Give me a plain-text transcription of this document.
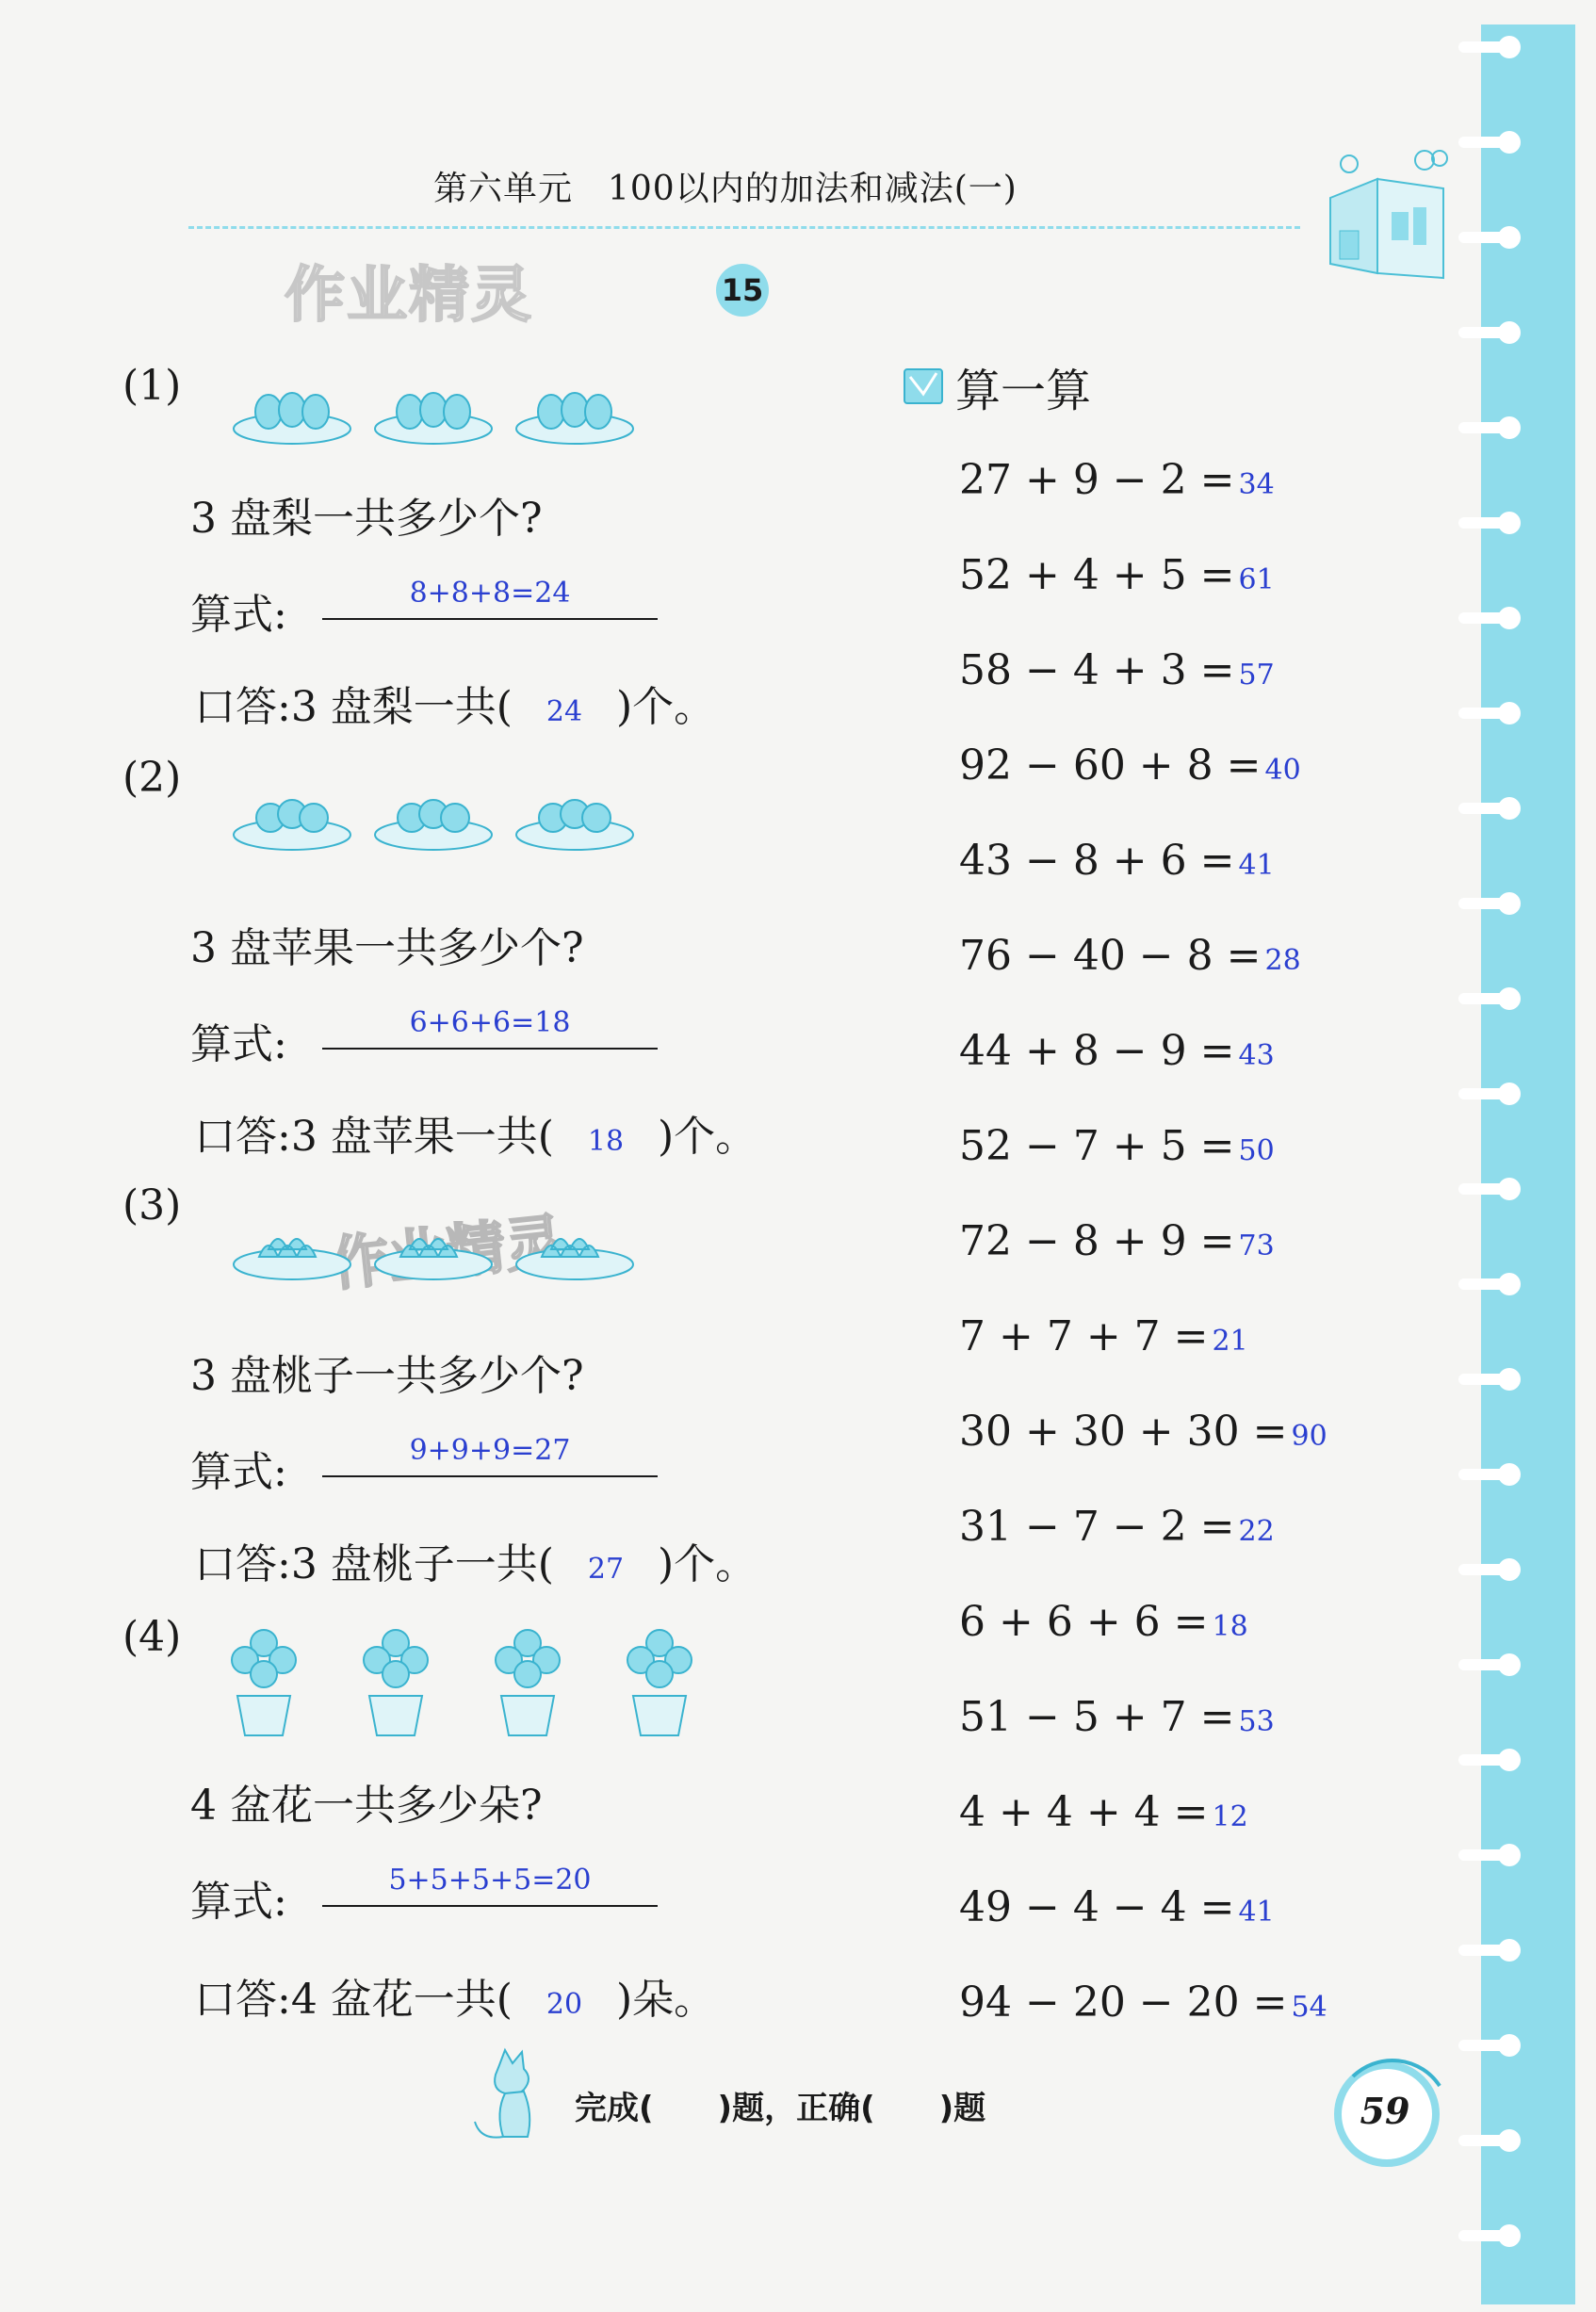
第六单元　100以内的加法和减法(一)
作业精灵	15
(1)
3 盘梨一共多少个?
算式:	8+8+8=24
口答:3 盘梨一共( 24 )个。
(2)
3 盘苹果一共多少个?
算式:	6+6+6=18
口答:3 盘苹果一共( 18 )个。
(3)
3 盘桃子一共多少个?
算式:	9+9+9=27
口答:3 盘桃子一共( 27 )个。
(4)
4 盆花一共多少朵?
算式:	5+5+5+5=20
口答:4 盆花一共( 20 )朵。
算一算
27 + 9 − 2 = 34
52 + 4 + 5 = 61
58 − 4 + 3 = 57
92 − 60 + 8 = 40
43 − 8 + 6 = 41
76 − 40 − 8 = 28
44 + 8 − 9 = 43
52 − 7 + 5 = 50
72 − 8 + 9 = 73
7 + 7 + 7 = 21
30 + 30 + 30 = 90
31 − 7 − 2 = 22
6 + 6 + 6 = 18
51 − 5 + 7 = 53
4 + 4 + 4 = 12
49 − 4 − 4 = 41
94 − 20 − 20 = 54
完成(　　)题，正确(　　)题	59
